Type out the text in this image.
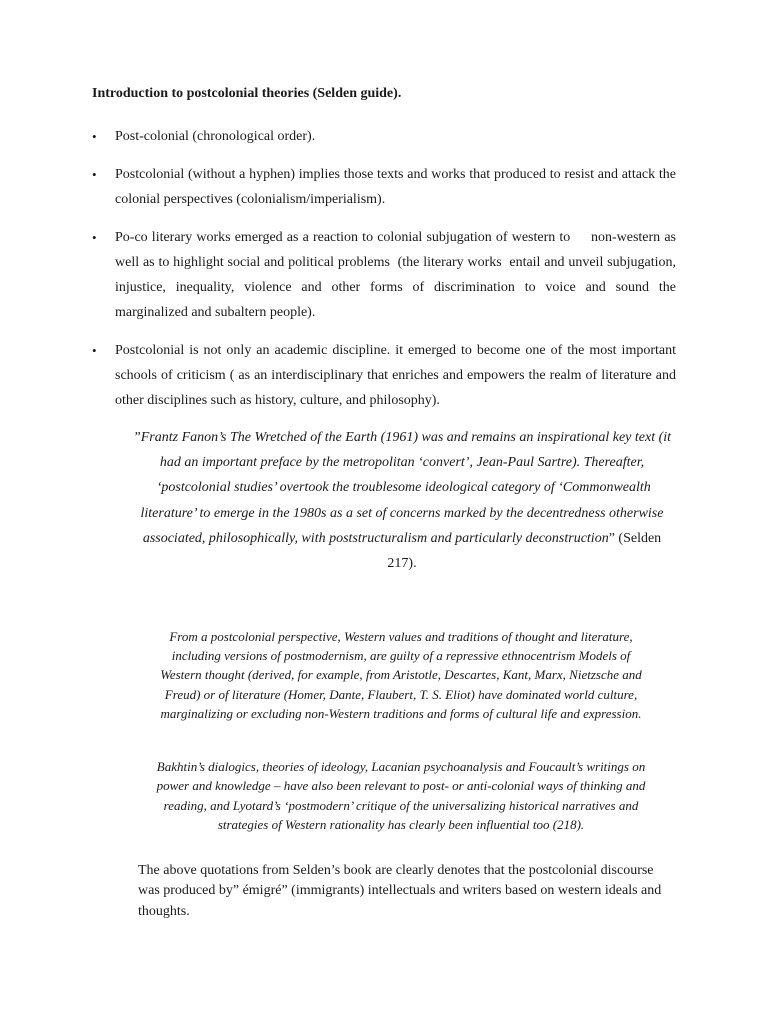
Introduction to postcolonial theories (Selden guide).
• Post-colonial (chronological order).
• Postcolonial (without a hyphen) implies those texts and works that produced to resist and attack the colonial perspectives (colonialism/imperialism).
• Po-co literary works emerged as a reaction to colonial subjugation of western to     non-western as well as to highlight social and political problems  (the literary works  entail and unveil subjugation, injustice, inequality, violence and other forms of discrimination to voice and sound the marginalized and subaltern people).
• Postcolonial is not only an academic discipline. it emerged to become one of the most important schools of criticism ( as an interdisciplinary that enriches and empowers the realm of literature and other disciplines such as history, culture, and philosophy).

”Frantz Fanon’s The Wretched of the Earth (1961) was and remains an inspirational key text (it had an important preface by the metropolitan ‘convert’, Jean-Paul Sartre). Thereafter,  ‘postcolonial studies’ overtook the troublesome ideological category of ‘Commonwealth literature’ to emerge in the 1980s as a set of concerns marked by the decentredness otherwise associated, philosophically, with poststructuralism and particularly deconstruction” (Selden 217).

From a postcolonial perspective, Western values and traditions of thought and literature, including versions of postmodernism, are guilty of a repressive ethnocentrism Models of Western thought (derived, for example, from Aristotle, Descartes, Kant, Marx, Nietzsche and Freud) or of literature (Homer, Dante, Flaubert, T. S. Eliot) have dominated world culture, marginalizing or excluding non-Western traditions and forms of cultural life and expression.

Bakhtin’s dialogics, theories of ideology, Lacanian psychoanalysis and Foucault’s writings on power and knowledge – have also been relevant to post- or anti-colonial ways of thinking and reading, and Lyotard’s ‘postmodern’ critique of the universalizing historical narratives and strategies of Western rationality has clearly been influential too (218).

The above quotations from Selden’s book are clearly denotes that the postcolonial discourse was produced by” émigré” (immigrants) intellectuals and writers based on western ideals and thoughts.
